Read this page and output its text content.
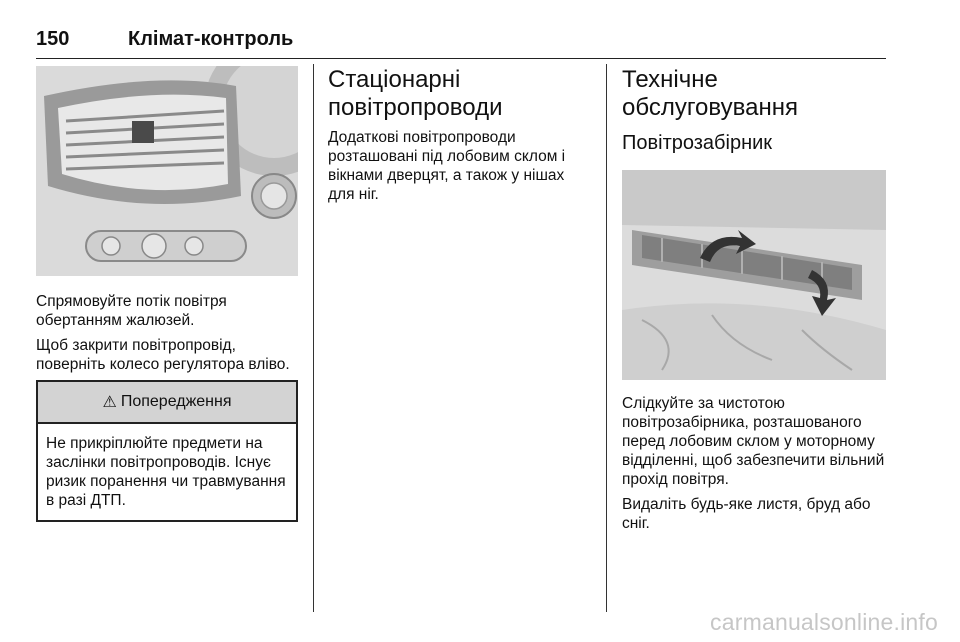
150	Клімат-контроль

Спрямовуйте потік повітря обертанням жалюзей.

Щоб закрити повітропровід, поверніть колесо регулятора вліво.

⚠ Попередження

Не прикріплюйте предмети на заслінки повітропроводів. Існує ризик поранення чи травмування в разі ДТП.

Стаціонарні повітропроводи

Додаткові повітропроводи розташовані під лобовим склом і вікнами дверцят, а також у нішах для ніг.

Технічне обслуговування
Повітрозабірник

Слідкуйте за чистотою повітрозабірника, розташованого перед лобовим склом у моторному відділенні, щоб забезпечити вільний прохід повітря.

Видаліть будь-яке листя, бруд або сніг.

carmanualsonline.info
